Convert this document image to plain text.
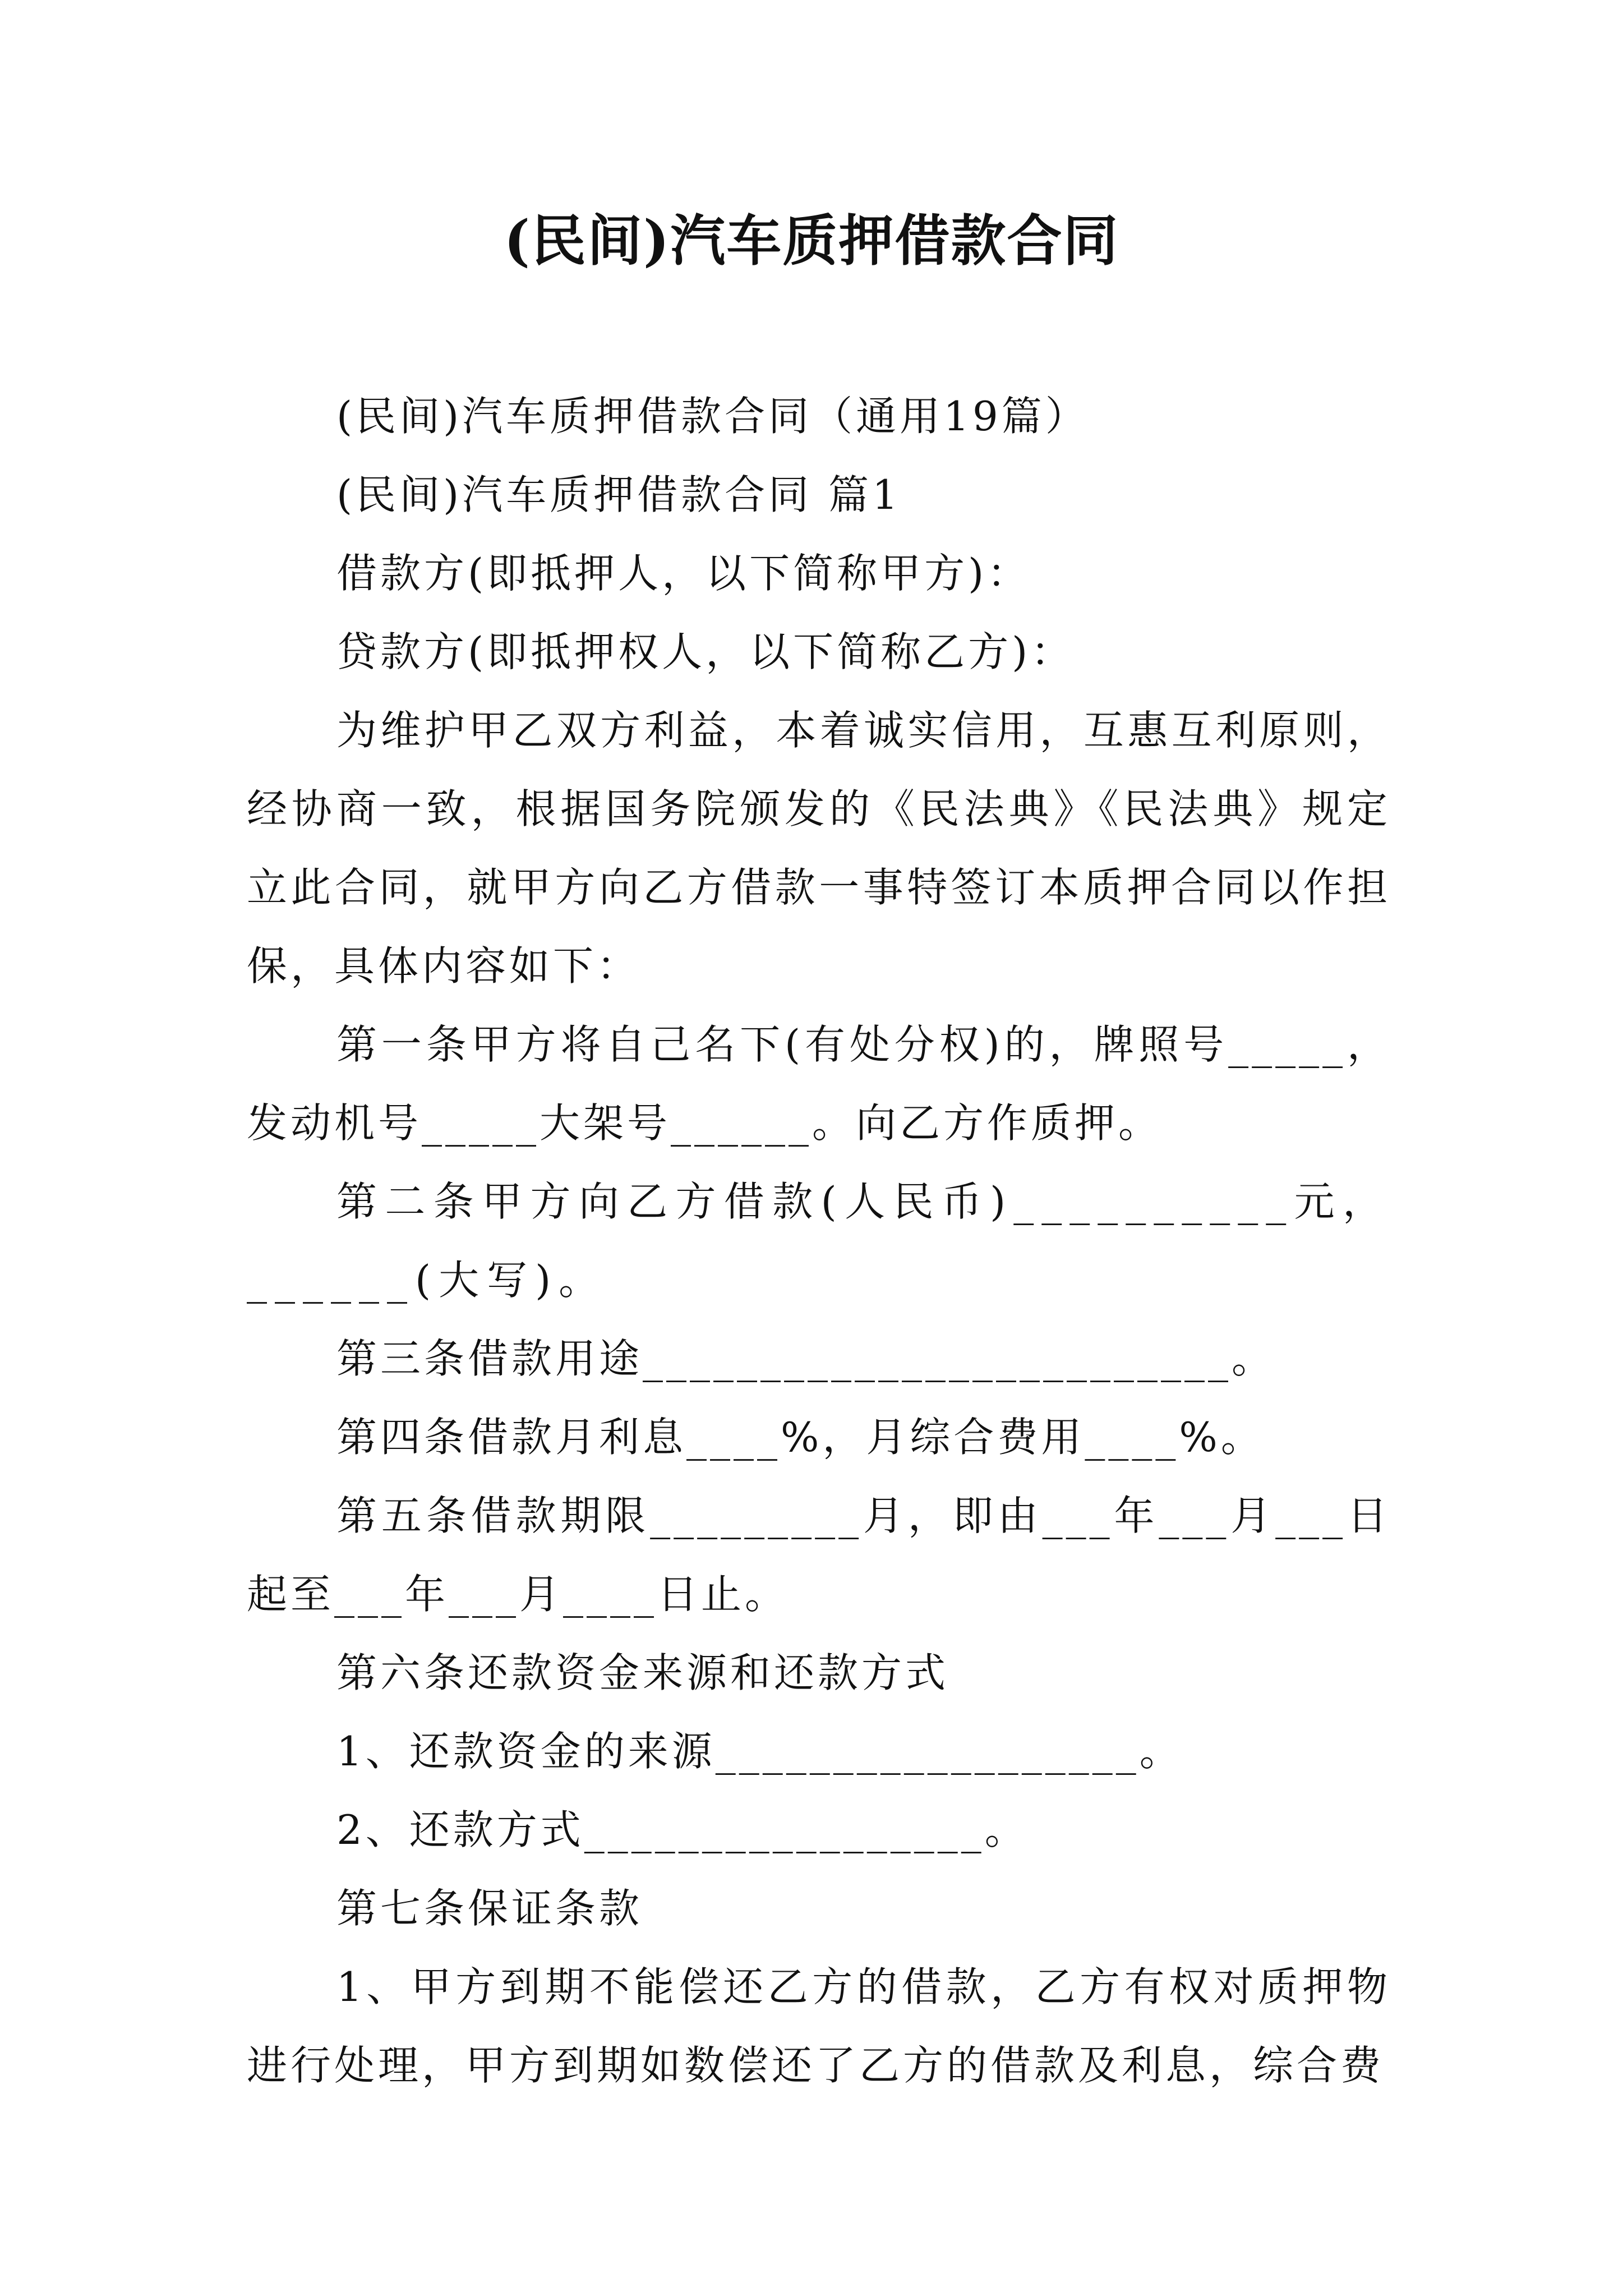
(民间)汽车质押借款合同

(民间)汽车质押借款合同（通用19篇）

(民间)汽车质押借款合同 篇1

借款方(即抵押人，以下简称甲方)：

贷款方(即抵押权人，以下简称乙方)：

为维护甲乙双方利益，本着诚实信用，互惠互利原则，经协商一致，根据国务院颁发的《民法典》《民法典》规定立此合同，就甲方向乙方借款一事特签订本质押合同以作担保，具体内容如下：

第一条甲方将自己名下(有处分权)的，牌照号_____，发动机号_____大架号______。向乙方作质押。

第二条甲方向乙方借款(人民币)__________元，______(大写)。

第三条借款用途_________________________。

第四条借款月利息____%，月综合费用____%。

第五条借款期限_________月，即由___年___月___日起至___年___月____日止。

第六条还款资金来源和还款方式

1、还款资金的来源__________________。

2、还款方式_________________。

第七条保证条款

1、甲方到期不能偿还乙方的借款，乙方有权对质押物进行处理，甲方到期如数偿还了乙方的借款及利息，综合费
